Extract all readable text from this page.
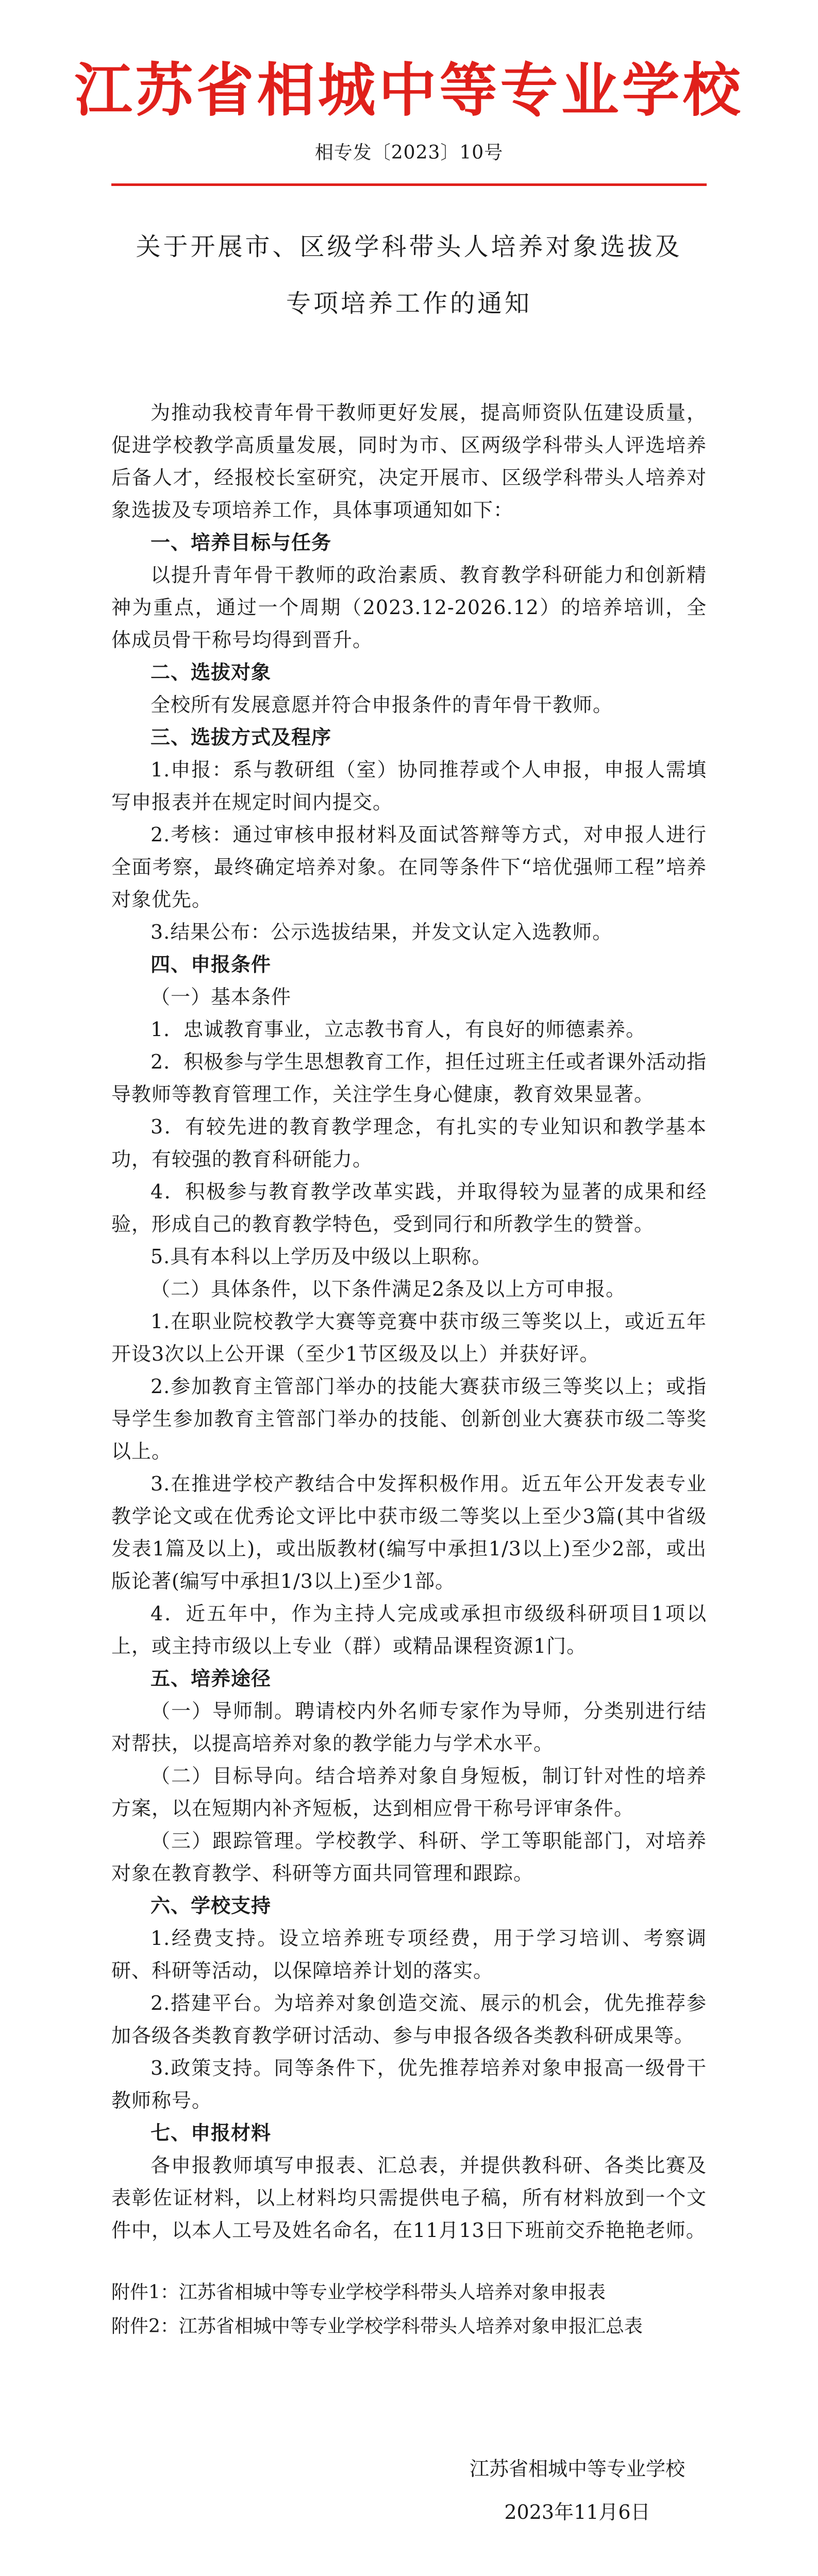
江苏省相城中等专业学校
相专发〔2023〕10号
关于开展市、区级学科带头人培养对象选拔及
专项培养工作的通知

为推动我校青年骨干教师更好发展，提高师资队伍建设质量，促进学校教学高质量发展，同时为市、区两级学科带头人评选培养后备人才，经报校长室研究，决定开展市、区级学科带头人培养对象选拔及专项培养工作，具体事项通知如下：

一、培养目标与任务

以提升青年骨干教师的政治素质、教育教学科研能力和创新精神为重点，通过一个周期（2023.12-2026.12）的培养培训，全体成员骨干称号均得到晋升。

二、选拔对象

全校所有发展意愿并符合申报条件的青年骨干教师。

三、选拔方式及程序

1.申报：系与教研组（室）协同推荐或个人申报，申报人需填写申报表并在规定时间内提交。

2.考核：通过审核申报材料及面试答辩等方式，对申报人进行全面考察，最终确定培养对象。在同等条件下“培优强师工程”培养对象优先。

3.结果公布：公示选拔结果，并发文认定入选教师。

四、申报条件

（一）基本条件

1．忠诚教育事业，立志教书育人，有良好的师德素养。

2．积极参与学生思想教育工作，担任过班主任或者课外活动指导教师等教育管理工作，关注学生身心健康，教育效果显著。

3．有较先进的教育教学理念，有扎实的专业知识和教学基本功，有较强的教育科研能力。

4．积极参与教育教学改革实践，并取得较为显著的成果和经验，形成自己的教育教学特色，受到同行和所教学生的赞誉。

5.具有本科以上学历及中级以上职称。

（二）具体条件，以下条件满足2条及以上方可申报。

1.在职业院校教学大赛等竞赛中获市级三等奖以上，或近五年开设3次以上公开课（至少1节区级及以上）并获好评。

2.参加教育主管部门举办的技能大赛获市级三等奖以上；或指导学生参加教育主管部门举办的技能、创新创业大赛获市级二等奖以上。

3.在推进学校产教结合中发挥积极作用。近五年公开发表专业教学论文或在优秀论文评比中获市级二等奖以上至少3篇(其中省级发表1篇及以上)，或出版教材(编写中承担1/3以上)至少2部，或出版论著(编写中承担1/3以上)至少1部。

4．近五年中，作为主持人完成或承担市级级科研项目1项以上，或主持市级以上专业（群）或精品课程资源1门。

五、培养途径

（一）导师制。聘请校内外名师专家作为导师，分类别进行结对帮扶，以提高培养对象的教学能力与学术水平。

（二）目标导向。结合培养对象自身短板，制订针对性的培养方案，以在短期内补齐短板，达到相应骨干称号评审条件。

（三）跟踪管理。学校教学、科研、学工等职能部门，对培养对象在教育教学、科研等方面共同管理和跟踪。

六、学校支持

1.经费支持。设立培养班专项经费，用于学习培训、考察调研、科研等活动，以保障培养计划的落实。

2.搭建平台。为培养对象创造交流、展示的机会，优先推荐参加各级各类教育教学研讨活动、参与申报各级各类教科研成果等。

3.政策支持。同等条件下，优先推荐培养对象申报高一级骨干教师称号。

七、申报材料

各申报教师填写申报表、汇总表，并提供教科研、各类比赛及表彰佐证材料，以上材料均只需提供电子稿，所有材料放到一个文件中，以本人工号及姓名命名，在11月13日下班前交乔艳艳老师。

附件1：江苏省相城中等专业学校学科带头人培养对象申报表
附件2：江苏省相城中等专业学校学科带头人培养对象申报汇总表
江苏省相城中等专业学校
2023年11月6日
